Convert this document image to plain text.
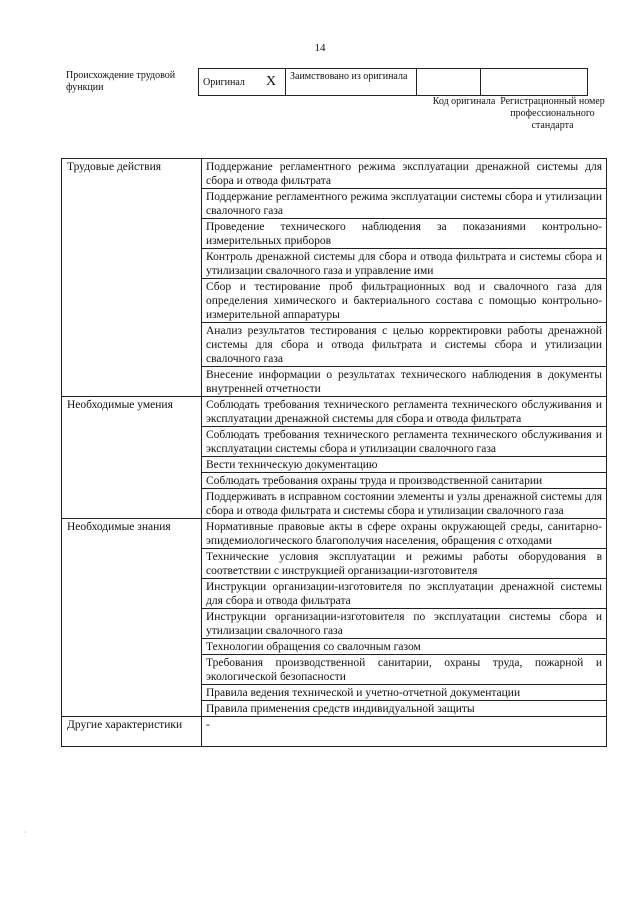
14
Происхождение трудовой функции	Оригинал	X	Заимствовано из оригинала		
Код оригинала Регистрационный номер профессионального стандарта
Трудовые действия	Поддержание регламентного режима эксплуатации дренажной системы для сбора и отвода фильтрата
	Поддержание регламентного режима эксплуатации системы сбора и утилизации свалочного газа
	Проведение технического наблюдения за показаниями контрольно-измерительных приборов
	Контроль дренажной системы для сбора и отвода фильтрата и системы сбора и утилизации свалочного газа и управление ими
	Сбор и тестирование проб фильтрационных вод и свалочного газа для определения химического и бактериального состава с помощью контрольно-измерительной аппаратуры
	Анализ результатов тестирования с целью корректировки работы дренажной системы для сбора и отвода фильтрата и системы сбора и утилизации свалочного газа
	Внесение информации о результатах технического наблюдения в документы внутренней отчетности
Необходимые умения	Соблюдать требования технического регламента технического обслуживания и эксплуатации дренажной системы для сбора и отвода фильтрата
	Соблюдать требования технического регламента технического обслуживания и эксплуатации системы сбора и утилизации свалочного газа
	Вести техническую документацию
	Соблюдать требования охраны труда и производственной санитарии
	Поддерживать в исправном состоянии элементы и узлы дренажной системы для сбора и отвода фильтрата и системы сбора и утилизации свалочного газа
Необходимые знания	Нормативные правовые акты в сфере охраны окружающей среды, санитарно-эпидемиологического благополучия населения, обращения с отходами
	Технические условия эксплуатации и режимы работы оборудования в соответствии с инструкцией организации-изготовителя
	Инструкции организации-изготовителя по эксплуатации дренажной системы для сбора и отвода фильтрата
	Инструкции организации-изготовителя по эксплуатации системы сбора и утилизации свалочного газа
	Технологии обращения со свалочным газом
	Требования производственной санитарии, охраны труда, пожарной и экологической безопасности
	Правила ведения технической и учетно-отчетной документации
	Правила применения средств индивидуальной защиты
Другие характеристики	-
·
